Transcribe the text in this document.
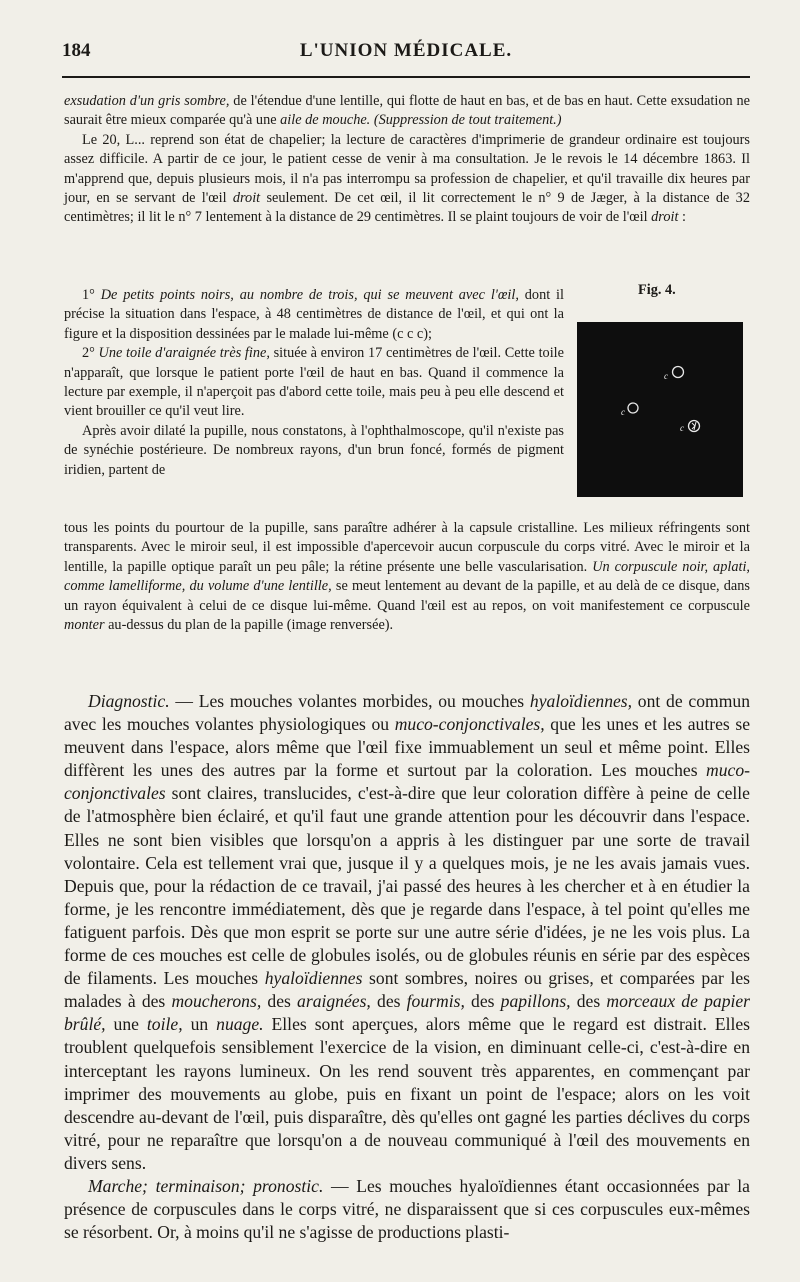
184	L'UNION MÉDICALE.

exsudation d'un gris sombre, de l'étendue d'une lentille, qui flotte de haut en bas, et de bas en haut. Cette exsudation ne saurait être mieux comparée qu'à une aile de mouche. (Suppression de tout traitement.)

Le 20, L... reprend son état de chapelier; la lecture de caractères d'imprimerie de grandeur ordinaire est toujours assez difficile. A partir de ce jour, le patient cesse de venir à ma consultation. Je le revois le 14 décembre 1863. Il m'apprend que, depuis plusieurs mois, il n'a pas interrompu sa profession de chapelier, et qu'il travaille dix heures par jour, en se servant de l'œil droit seulement. De cet œil, il lit correctement le n° 9 de Jæger, à la distance de 32 centimètres; il lit le n° 7 lentement à la distance de 29 centimètres. Il se plaint toujours de voir de l'œil droit :

Fig. 4.
c
c
c

1° De petits points noirs, au nombre de trois, qui se meuvent avec l'œil, dont il précise la situation dans l'espace, à 48 centimètres de distance de l'œil, et qui ont la figure et la disposition dessinées par le malade lui-même (c c c);

2° Une toile d'araignée très fine, située à environ 17 centimètres de l'œil. Cette toile n'apparaît, que lorsque le patient porte l'œil de haut en bas. Quand il commence la lecture par exemple, il n'aperçoit pas d'abord cette toile, mais peu à peu elle descend et vient brouiller ce qu'il veut lire.

Après avoir dilaté la pupille, nous constatons, à l'ophthalmoscope, qu'il n'existe pas de synéchie postérieure. De nombreux rayons, d'un brun foncé, formés de pigment iridien, partent de

tous les points du pourtour de la pupille, sans paraître adhérer à la capsule cristalline. Les milieux réfringents sont transparents. Avec le miroir seul, il est impossible d'apercevoir aucun corpuscule du corps vitré. Avec le miroir et la lentille, la papille optique paraît un peu pâle; la rétine présente une belle vascularisation. Un corpuscule noir, aplati, comme lamelliforme, du volume d'une lentille, se meut lentement au devant de la papille, et au delà de ce disque, dans un rayon équivalent à celui de ce disque lui-même. Quand l'œil est au repos, on voit manifestement ce corpuscule monter au-dessus du plan de la papille (image renversée).

Diagnostic. — Les mouches volantes morbides, ou mouches hyaloïdiennes, ont de commun avec les mouches volantes physiologiques ou muco-conjonctivales, que les unes et les autres se meuvent dans l'espace, alors même que l'œil fixe immuablement un seul et même point. Elles diffèrent les unes des autres par la forme et surtout par la coloration. Les mouches muco-conjonctivales sont claires, translucides, c'est-à-dire que leur coloration diffère à peine de celle de l'atmosphère bien éclairé, et qu'il faut une grande attention pour les découvrir dans l'espace. Elles ne sont bien visibles que lorsqu'on a appris à les distinguer par une sorte de travail volontaire. Cela est tellement vrai que, jusque il y a quelques mois, je ne les avais jamais vues. Depuis que, pour la rédaction de ce travail, j'ai passé des heures à les chercher et à en étudier la forme, je les rencontre immédiatement, dès que je regarde dans l'espace, à tel point qu'elles me fatiguent parfois. Dès que mon esprit se porte sur une autre série d'idées, je ne les vois plus. La forme de ces mouches est celle de globules isolés, ou de globules réunis en série par des espèces de filaments. Les mouches hyaloïdiennes sont sombres, noires ou grises, et comparées par les malades à des moucherons, des araignées, des fourmis, des papillons, des morceaux de papier brûlé, une toile, un nuage. Elles sont aperçues, alors même que le regard est distrait. Elles troublent quelquefois sensiblement l'exercice de la vision, en diminuant celle-ci, c'est-à-dire en interceptant les rayons lumineux. On les rend souvent très apparentes, en commençant par imprimer des mouvements au globe, puis en fixant un point de l'espace; alors on les voit descendre au-devant de l'œil, puis disparaître, dès qu'elles ont gagné les parties déclives du corps vitré, pour ne reparaître que lorsqu'on a de nouveau communiqué à l'œil des mouvements en divers sens.

Marche; terminaison; pronostic. — Les mouches hyaloïdiennes étant occasionnées par la présence de corpuscules dans le corps vitré, ne disparaissent que si ces corpuscules eux-mêmes se résorbent. Or, à moins qu'il ne s'agisse de productions plasti-
